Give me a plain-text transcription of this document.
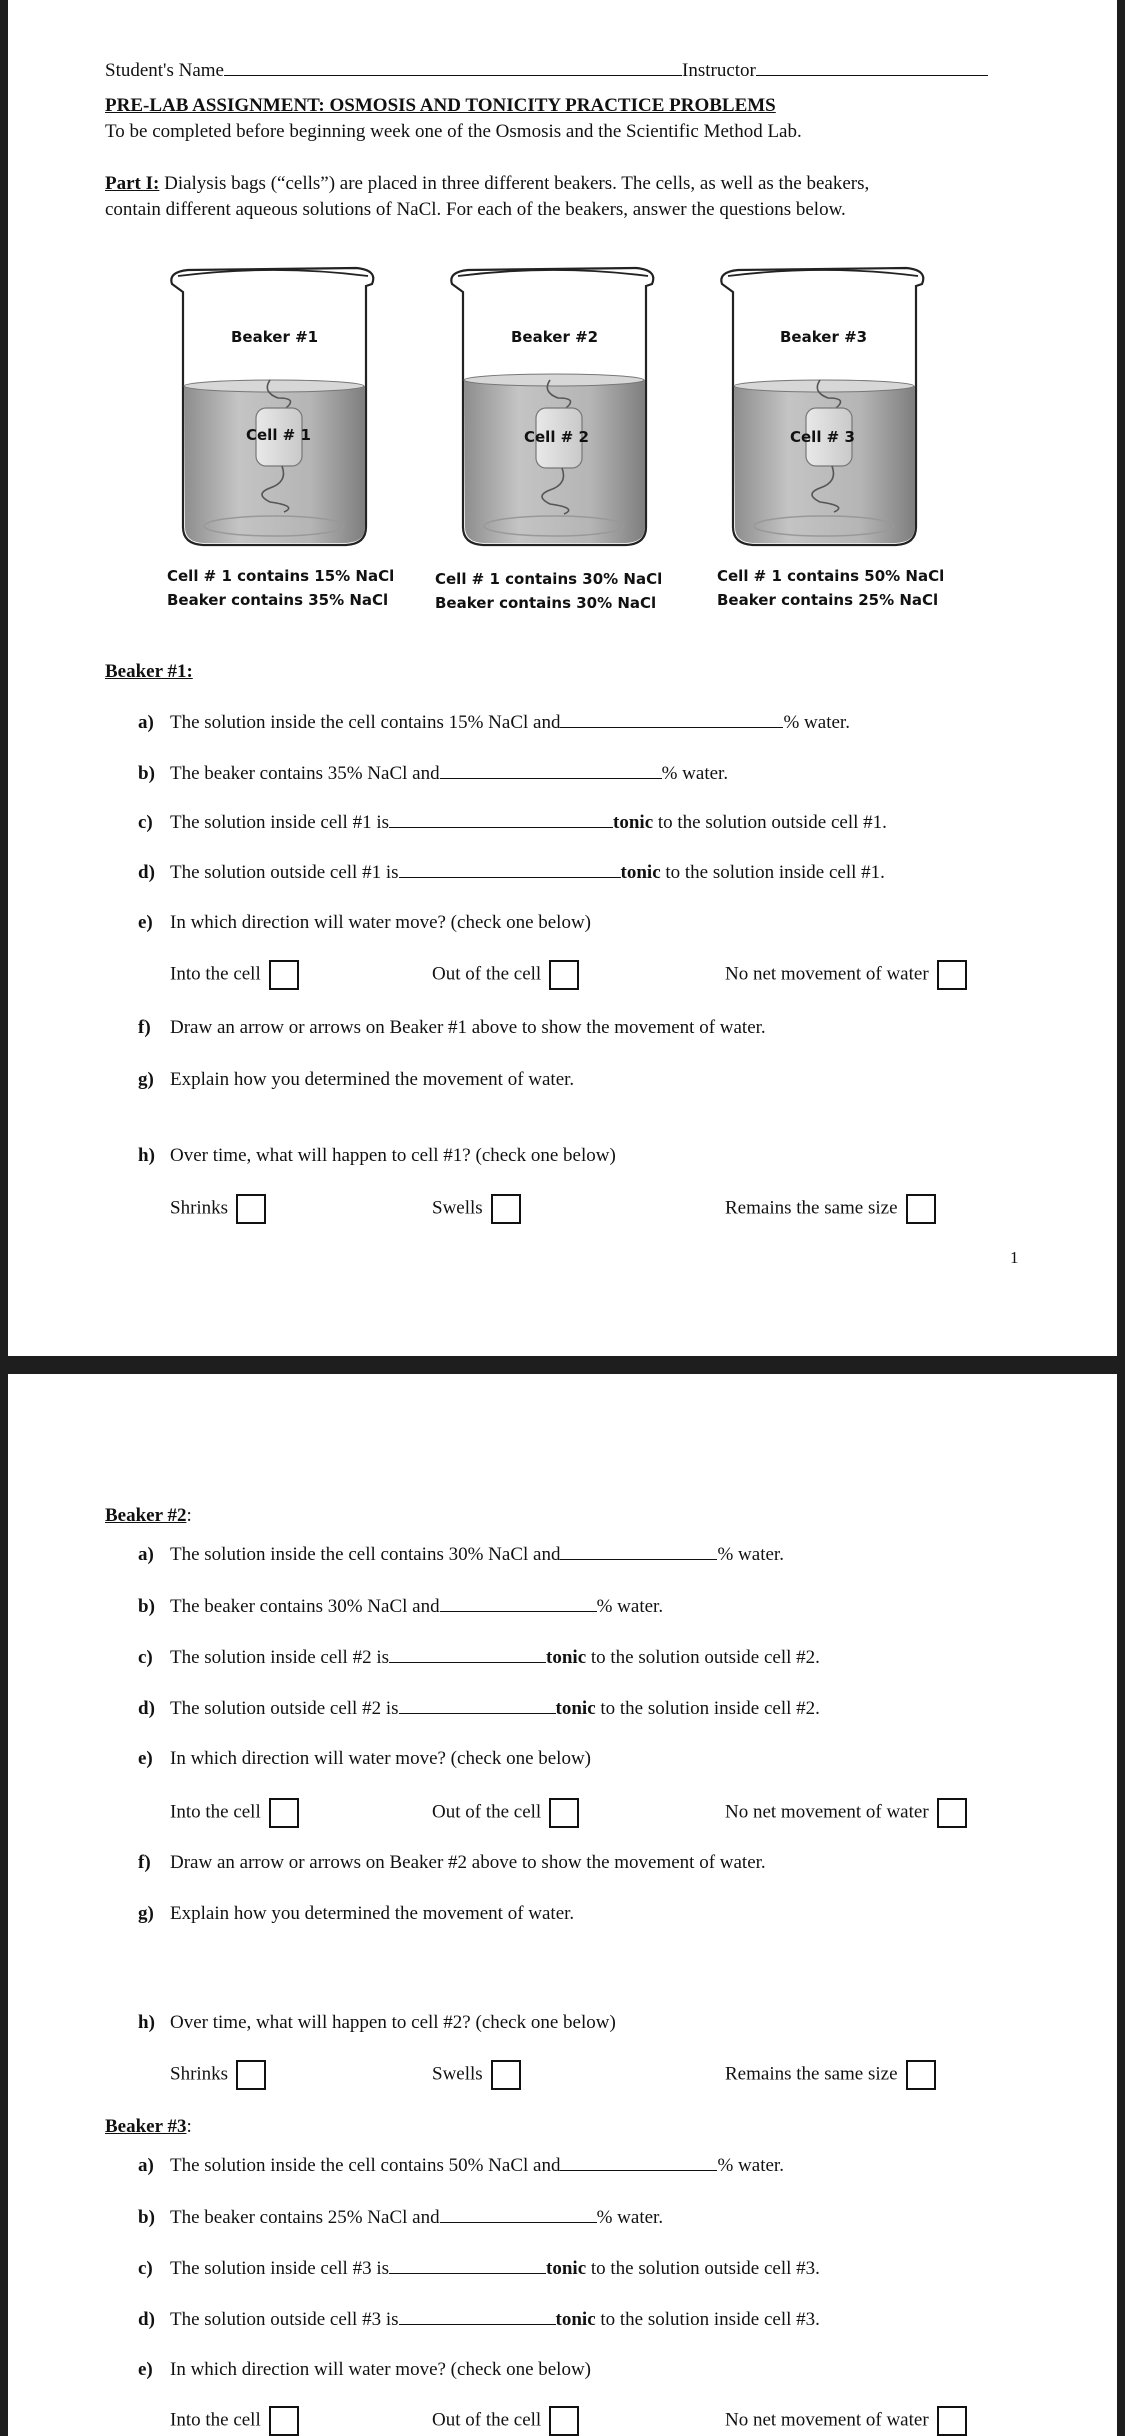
Student's Name	Instructor
PRE-LAB ASSIGNMENT: OSMOSIS AND TONICITY PRACTICE PROBLEMS
To be completed before beginning week one of the Osmosis and the Scientific Method Lab.
Part I: Dialysis bags (“cells”) are placed in three different beakers. The cells, as well as the beakers,
contain different aqueous solutions of NaCl. For each of the beakers, answer the questions below.
Beaker #1	Beaker #2	Beaker #3
Cell # 1	Cell # 2	Cell # 3
Cell # 1 contains 15% NaCl
Beaker contains 35% NaCl
Cell # 1 contains 30% NaCl
Beaker contains 30% NaCl
Cell # 1 contains 50% NaCl
Beaker contains 25% NaCl
Beaker #1:
a) The solution inside the cell contains 15% NaCl and	% water.
b) The beaker contains 35% NaCl and	% water.
c) The solution inside cell #1 is	tonic to the solution outside cell #1.
d) The solution outside cell #1 is	tonic to the solution inside cell #1.
e) In which direction will water move? (check one below)
Into the cell	Out of the cell	No net movement of water
f) Draw an arrow or arrows on Beaker #1 above to show the movement of water.
g) Explain how you determined the movement of water.
h) Over time, what will happen to cell #1? (check one below)
Shrinks	Swells	Remains the same size
1
Beaker #2:
a) The solution inside the cell contains 30% NaCl and	% water.
b) The beaker contains 30% NaCl and	% water.
c) The solution inside cell #2 is	tonic to the solution outside cell #2.
d) The solution outside cell #2 is	tonic to the solution inside cell #2.
e) In which direction will water move? (check one below)
Into the cell	Out of the cell	No net movement of water
f) Draw an arrow or arrows on Beaker #2 above to show the movement of water.
g) Explain how you determined the movement of water.
h) Over time, what will happen to cell #2? (check one below)
Shrinks	Swells	Remains the same size
Beaker #3:
a) The solution inside the cell contains 50% NaCl and	% water.
b) The beaker contains 25% NaCl and	% water.
c) The solution inside cell #3 is	tonic to the solution outside cell #3.
d) The solution outside cell #3 is	tonic to the solution inside cell #3.
e) In which direction will water move? (check one below)
Into the cell	Out of the cell	No net movement of water
